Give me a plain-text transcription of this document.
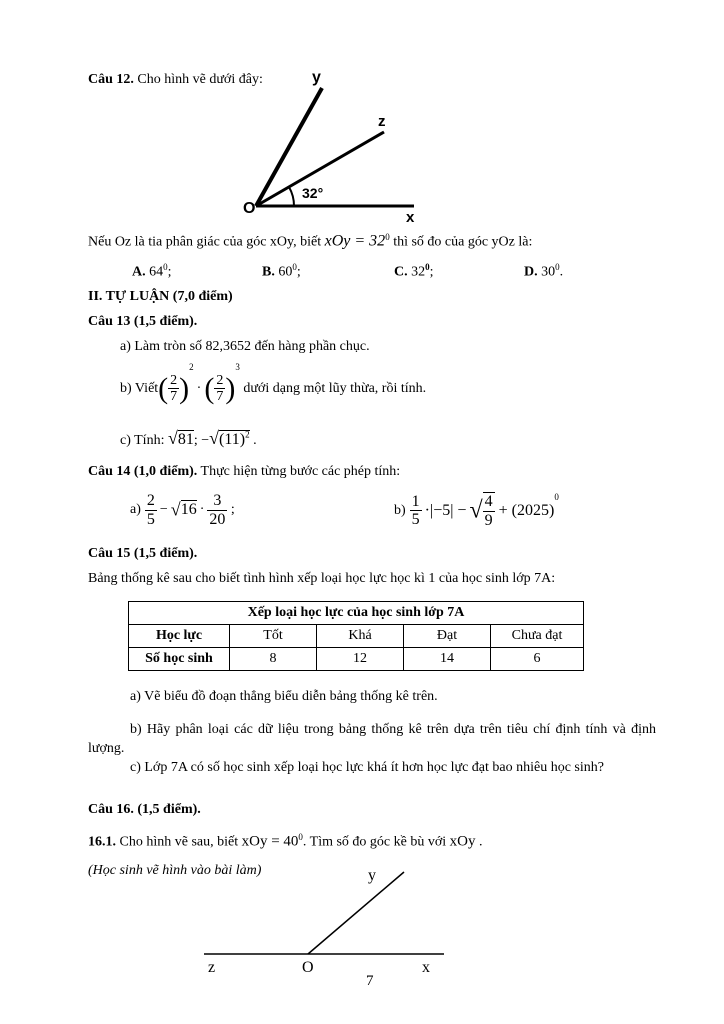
Câu 12. Cho hình vẽ dưới đây:	y
z
O
x
32°
Nếu Oz là tia phân giác của góc xOy, biết xOy = $32^0$ thì số đo của góc yOz là:
A. $64^0$;	B. $60^0$;	C. $32^0$;	D. $30^0$.
II. TỰ LUẬN (7,0 điểm)
Câu 13 (1,5 điểm).
a) Làm tròn số 82,3652 đến hàng phần chục.
b) Viết( $\frac{2}{7} )^2\cdot$ ( $\frac{2}{7} )^3$ dưới dạng một lũy thừa, rồi tính.
c) Tính: √81; $-√(11)^2$ .
Câu 14 (1,0 điểm). Thực hiện từng bước các phép tính:
$a) \frac{2}{5} - √16 \cdot \frac{3}{20}$ ;	$b) \frac{1}{5} \cdot|-5|$ − √ $\frac{4}{9} + (2025)^0$
Câu 15 (1,5 điểm).
Bảng thống kê sau cho biết tình hình xếp loại học lực học kì 1 của học sinh lớp 7A:
Xếp loại học lực của học sinh lớp 7A				
Học lực	Tốt	Khá	Đạt	Chưa đạt
Số học sinh	8	12	14	6
a) Vẽ biểu đồ đoạn thẳng biểu diễn bảng thống kê trên.
b) Hãy phân loại các dữ liệu trong bảng thống kê trên dựa trên tiêu chí định tính và định lượng.
c) Lớp 7A có số học sinh xếp loại học lực khá ít hơn học lực đạt bao nhiêu học sinh?
Câu 16. (1,5 điểm).
16.1. Cho hình vẽ sau, biết xOy = $40^0$. Tìm số đo góc kề bù với xOy .
(Học sinh vẽ hình vào bài làm)	y
z	O	x
7
